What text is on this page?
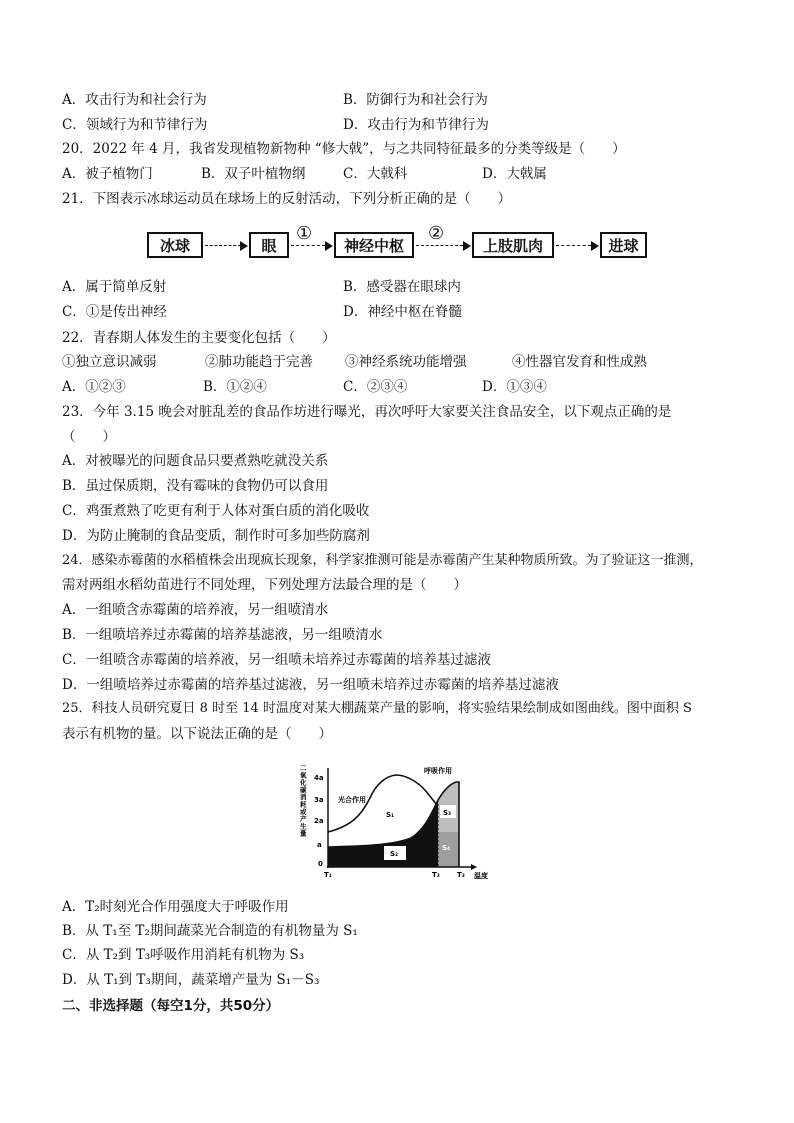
A．攻击行为和社会行为	B．防御行为和社会行为
C．领域行为和节律行为	D．攻击行为和节律行为
20．2022 年 4 月，我省发现植物新物种 “修大戟”，与之共同特征最多的分类等级是（　　）
A．被子植物门	B．双子叶植物纲	C．大戟科	D．大戟属
21．下图表示冰球运动员在球场上的反射活动，下列分析正确的是（　　）
冰球	眼
①
神经中枢
②
上肢肌肉	进球
A．属于简单反射	B．感受器在眼球内
C．①是传出神经	D．神经中枢在脊髓
22．青春期人体发生的主要变化包括（　　）
①独立意识减弱	②肺功能趋于完善 ③神经系统功能增强	④性器官发育和性成熟
A．①②③	B．①②④	C．②③④	D．①③④
23．今年 3.15 晚会对脏乱差的食品作坊进行曝光，再次呼吁大家要关注食品安全，以下观点正确的是
（　　）
A．对被曝光的问题食品只要煮熟吃就没关系
B．虽过保质期，没有霉味的食物仍可以食用
C．鸡蛋煮熟了吃更有利于人体对蛋白质的消化吸收
D．为防止腌制的食品变质，制作时可多加些防腐剂
24．感染赤霉菌的水稻植株会出现疯长现象，科学家推测可能是赤霉菌产生某种物质所致。为了验证这一推测，
需对两组水稻幼苗进行不同处理，下列处理方法最合理的是（　　）
A．一组喷含赤霉菌的培养液，另一组喷清水
B．一组喷培养过赤霉菌的培养基滤液，另一组喷清水
C．一组喷含赤霉菌的培养液，另一组喷未培养过赤霉菌的培养基过滤液
D．一组喷培养过赤霉菌的培养基过滤液，另一组喷未培养过赤霉菌的培养基过滤液
25．科技人员研究夏日 8 时至 14 时温度对某大棚蔬菜产量的影响，将实验结果绘制成如图曲线。图中面积 S
表示有机物的量。以下说法正确的是（　　）
二氧化碳消耗或产生量
4a
3a
2a
a
0
T₁	T₂ T₃ 温度
光合作用
呼吸作用
S₁
S₂
S₃
S₄
A．T₂时刻光合作用强度大于呼吸作用
B．从 T₁至 T₂期间蔬菜光合制造的有机物量为 S₁
C．从 T₂到 T₃呼吸作用消耗有机物为 S₃
D．从 T₁到 T₃期间，蔬菜增产量为 S₁－S₃
二、非选择题（每空1分，共50分）
